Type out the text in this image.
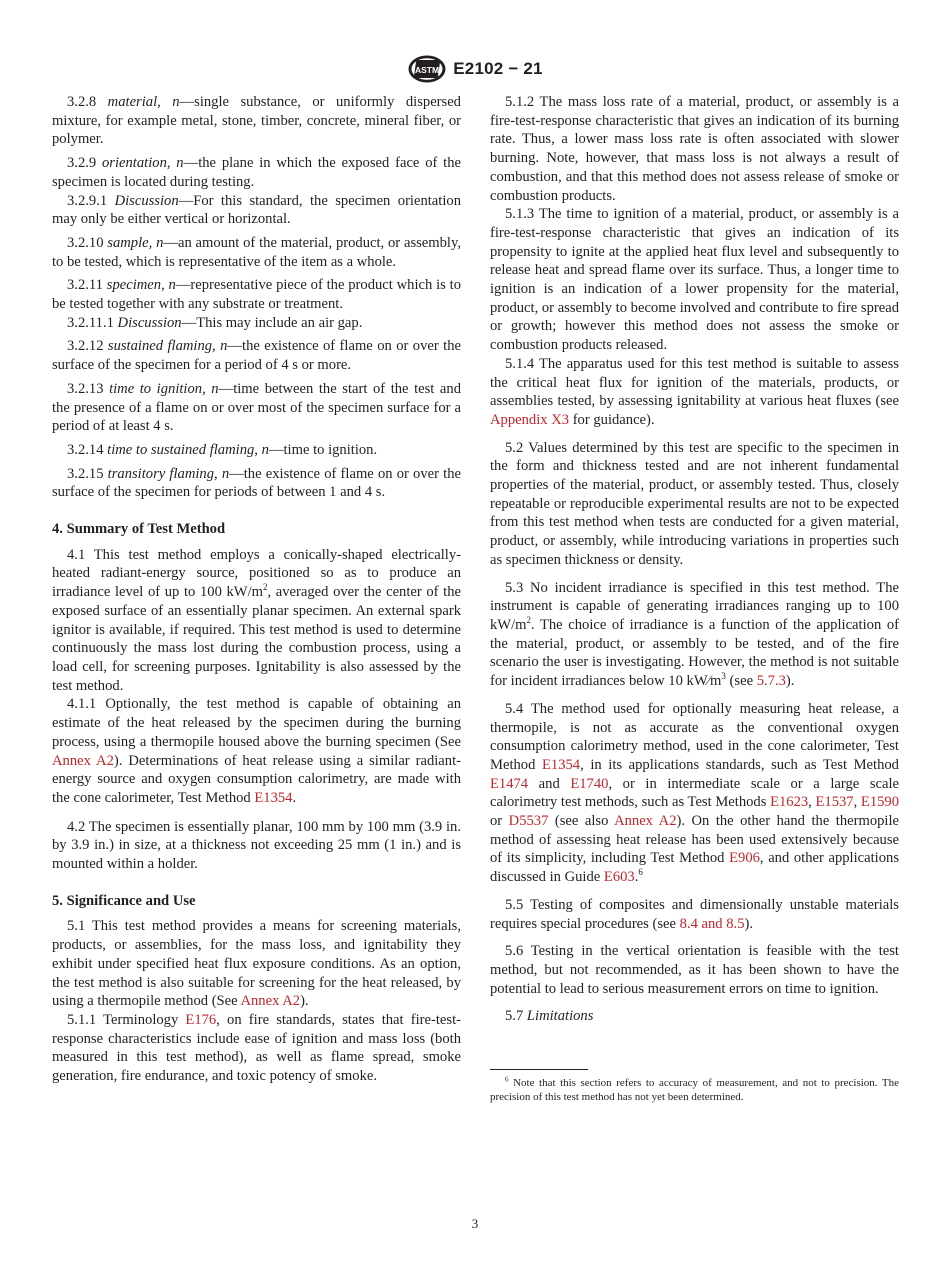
ASTM E2102 − 21

3.2.8 material, n—single substance, or uniformly dispersed mixture, for example metal, stone, timber, concrete, mineral fiber, or polymer.

3.2.9 orientation, n—the plane in which the exposed face of the specimen is located during testing.

3.2.9.1 Discussion—For this standard, the specimen orientation may only be either vertical or horizontal.

3.2.10 sample, n—an amount of the material, product, or assembly, to be tested, which is representative of the item as a whole.

3.2.11 specimen, n—representative piece of the product which is to be tested together with any substrate or treatment.

3.2.11.1 Discussion—This may include an air gap.

3.2.12 sustained flaming, n—the existence of flame on or over the surface of the specimen for a period of 4 s or more.

3.2.13 time to ignition, n—time between the start of the test and the presence of a flame on or over most of the specimen surface for a period of at least 4 s.

3.2.14 time to sustained flaming, n—time to ignition.

3.2.15 transitory flaming, n—the existence of flame on or over the surface of the specimen for periods of between 1 and 4 s.

4. Summary of Test Method

4.1 This test method employs a conically-shaped electrically-heated radiant-energy source, positioned so as to produce an irradiance level of up to 100 $kW/m^2$, averaged over the center of the exposed surface of an essentially planar specimen. An external spark ignitor is available, if required. This test method is used to determine continuously the mass lost during the combustion process, using a load cell, for screening purposes. Ignitability is also assessed by the test method.

4.1.1 Optionally, the test method is capable of obtaining an estimate of the heat released by the specimen during the burning process, using a thermopile housed above the burning specimen (See Annex A2). Determinations of heat release using a similar radiant-energy source and oxygen consumption calorimetry, are made with the cone calorimeter, Test Method E1354.

4.2 The specimen is essentially planar, 100 mm by 100 mm (3.9 in. by 3.9 in.) in size, at a thickness not exceeding 25 mm (1 in.) and is mounted within a holder.

5. Significance and Use

5.1 This test method provides a means for screening materials, products, or assemblies, for the mass loss, and ignitability they exhibit under specified heat flux exposure conditions. As an option, the test method is also suitable for screening for the heat released, by using a thermopile method (See Annex A2).

5.1.1 Terminology E176, on fire standards, states that fire-test-response characteristics include ease of ignition and mass loss (both measured in this test method), as well as flame spread, smoke generation, fire endurance, and toxic potency of smoke.

5.1.2 The mass loss rate of a material, product, or assembly is a fire-test-response characteristic that gives an indication of its burning rate. Thus, a lower mass loss rate is often associated with slower burning. Note, however, that mass loss is not always a result of combustion, and that this method does not assess release of smoke or combustion products.

5.1.3 The time to ignition of a material, product, or assembly is a fire-test-response characteristic that gives an indication of its propensity to ignite at the applied heat flux level and subsequently to release heat and spread flame over its surface. Thus, a longer time to ignition is an indication of a lower propensity for the material, product, or assembly to become involved and contribute to fire spread or growth; however this method does not assess the smoke or combustion products released.

5.1.4 The apparatus used for this test method is suitable to assess the critical heat flux for ignition of the materials, products, or assemblies tested, by assessing ignitability at various heat fluxes (see Appendix X3 for guidance).

5.2 Values determined by this test are specific to the specimen in the form and thickness tested and are not inherent fundamental properties of the material, product, or assembly tested. Thus, closely repeatable or reproducible experimental results are not to be expected from this test method when tests are conducted for a given material, product, or assembly, while introducing variations in properties such as specimen thickness or density.

5.3 No incident irradiance is specified in this test method. The instrument is capable of generating irradiances ranging up to 100 $kW/m^2$. The choice of irradiance is a function of the application of the material, product, or assembly to be tested, and of the fire scenario the user is investigating. However, the method is not suitable for incident irradiances below 10 $kW⁄m^3$ (see 5.7.3).

5.4 The method used for optionally measuring heat release, a thermopile, is not as accurate as the conventional oxygen consumption calorimetry method, used in the cone calorimeter, Test Method E1354, in its applications standards, such as Test Method E1474 and E1740, or in intermediate scale or a large scale calorimetry test methods, such as Test Methods E1623, E1537, E1590 or D5537 (see also Annex A2). On the other hand the thermopile method of assessing heat release has been used extensively because of its simplicity, including Test Method E906, and other applications discussed in Guide E603.$^6$

5.5 Testing of composites and dimensionally unstable materials requires special procedures (see 8.4 and 8.5).

5.6 Testing in the vertical orientation is feasible with the test method, but not recommended, as it has been shown to have the potential to lead to serious measurement errors on time to ignition.

5.7 Limitations

$^6$ Note that this section refers to accuracy of measurement, and not to precision. The precision of this test method has not yet been determined.

3
